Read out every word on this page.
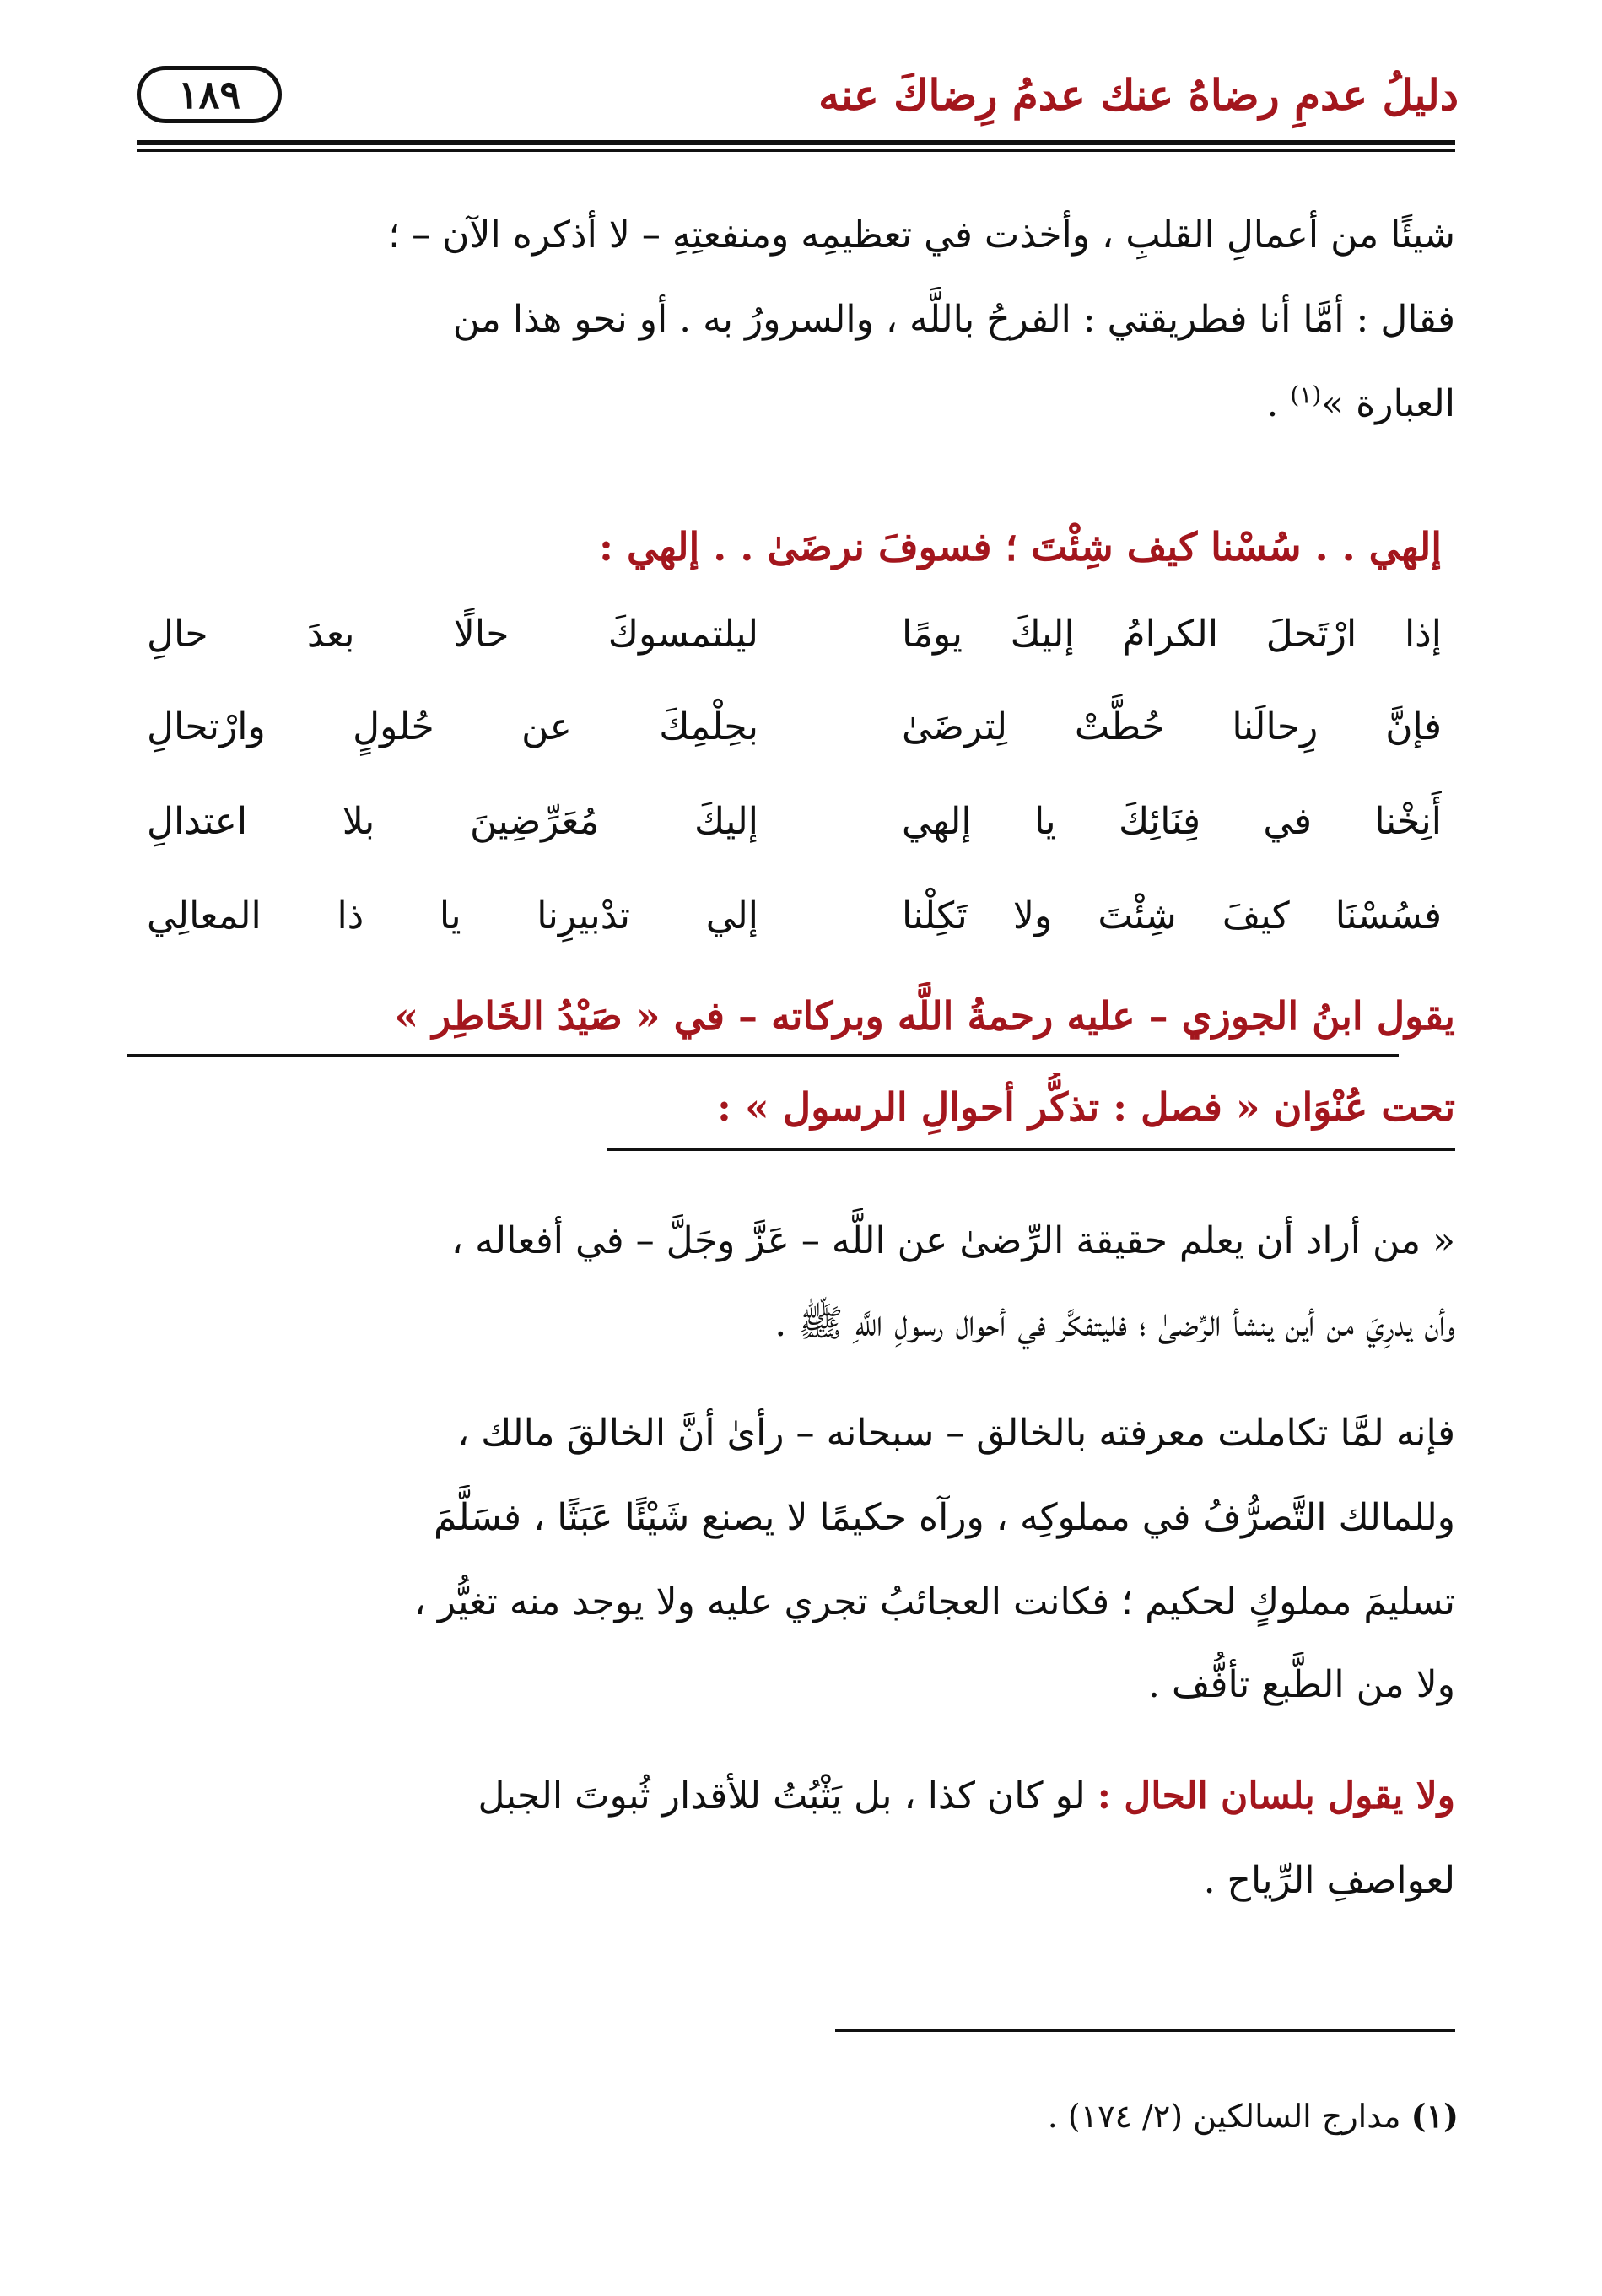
دليلُ عدمِ رضاهُ عنك عدمُ رِضاكَ عنه
١٨٩
شيئًا من أعمالِ القلبِ ، وأخذت في تعظيمِه ومنفعتِهِ – لا أذكره الآن – ؛
فقال : أمَّا أنا فطريقتي : الفرحُ باللَّه ، والسرورُ به . أو نحو هذا من
العبارة »$^{(١)}$ .
إلهي . . سُسْنا كيف شِئْتَ ؛ فسوفَ نرضَىٰ . . إلهي :
إذا ارْتَحلَ الكرامُ إليكَ يومًا
ليلتمسوكَ حالًا بعدَ حالِ
فإنَّ رِحالَنا حُطَّتْ لِترضَىٰ
بحِلْمِكَ عن حُلولٍ وارْتحالِ
أَنِخْنا في فِنَائِكَ يا إلهي
إليكَ مُعَرِّضِينَ بلا اعتدالِ
فسُسْنَا كيفَ شِئْتَ ولا تَكِلْنا
إلي تدْبيرِنا يا ذا المعالِي
يقول ابنُ الجوزي – عليه رحمةُ اللَّه وبركاته – في « صَيْدُ الخَاطِر »
تحت عُنْوَان « فصل : تذكُّر أحوالِ الرسول » :
« من أراد أن يعلم حقيقة الرِّضىٰ عن اللَّه – عَزَّ وجَلَّ – في أفعاله ،
وأن يدرِيَ من أين ينشأ الرِّضىٰ ؛ فليتفكَّر في أحوال رسولِ اللَّهِ ﷺ .
فإنه لمَّا تكاملت معرفته بالخالق – سبحانه – رأىٰ أنَّ الخالقَ مالك ،
وللمالك التَّصرُّفُ في مملوكِه ، ورآه حكيمًا لا يصنع شَيْئًا عَبَثًا ، فسَلَّمَ
تسليمَ مملوكٍ لحكيم ؛ فكانت العجائبُ تجري عليه ولا يوجد منه تغيُّر ،
ولا من الطَّبع تأفُّف .
ولا يقول بلسان الحال : لو كان كذا ، بل يَثْبُتُ للأقدار ثُبوتَ الجبل
لعواصفِ الرِّياح .
(١) مدارج السالكين (٢/ ١٧٤) .
